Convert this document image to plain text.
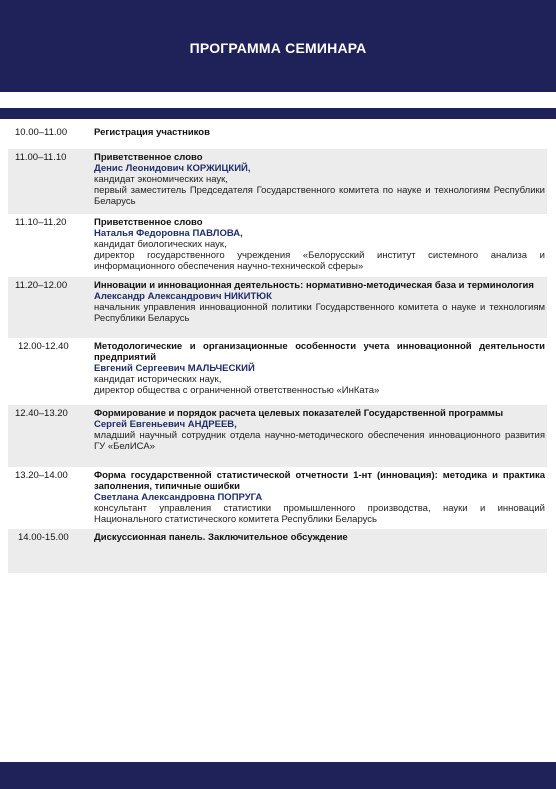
ПРОГРАММА СЕМИНАРА
10.00–11.00	Регистрация участников
11.00–11.10	Приветственное слово
Денис Леонидович КОРЖИЦКИЙ,
кандидат экономических наук,
первый заместитель Председателя Государственного комитета по науке и технологиям Республики Беларусь
11.10–11.20	Приветственное слово
Наталья Федоровна ПАВЛОВА,
кандидат биологических наук,
директор государственного учреждения «Белорусский институт системного анализа и информационного обеспечения научно-технической сферы»
11.20–12.00	Инновации и инновационная деятельность: нормативно-методическая база и терминология
Александр Александрович НИКИТЮК
начальник управления инновационной политики Государственного комитета о науке и технологиям Республики Беларусь
12.00-12.40	Методологические и организационные особенности учета инновационной деятельности предприятий
Евгений Сергеевич МАЛЬЧЕСКИЙ
кандидат исторических наук,
директор общества с ограниченной ответственностью «ИнКата»
12.40–13.20	Формирование и порядок расчета целевых показателей Государственной программы
Сергей Евгеньевич АНДРЕЕВ,
младший научный сотрудник отдела научно-методического обеспечения инновационного развития ГУ «БелИСА»
13.20–14.00	Форма государственной статистической отчетности 1-нт (инновация): методика и практика заполнения, типичные ошибки
Светлана Александровна ПОПРУГА
консультант управления статистики промышленного производства, науки и инноваций Национального статистического комитета Республики Беларусь
14.00-15.00	Дискуссионная панель. Заключительное обсуждение
